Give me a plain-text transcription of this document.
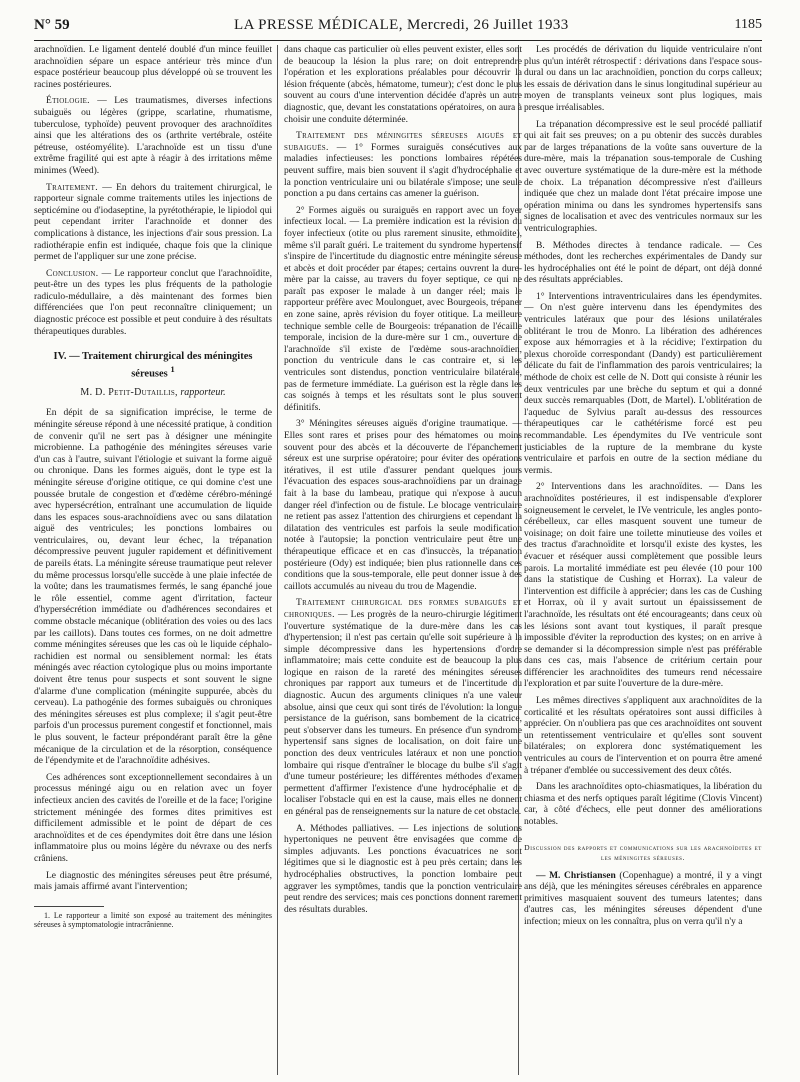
N° 59	LA PRESSE MÉDICALE, Mercredi, 26 Juillet 1933	1185

arachnoïdien. Le ligament dentelé doublé d'un mince feuillet arachnoïdien sépare un espace antérieur très mince d'un espace postérieur beaucoup plus développé où se trouvent les racines postérieures.

Étiologie. — Les traumatismes, diverses infections subaiguës ou légères (grippe, scarlatine, rhumatisme, tuberculose, typhoïde) peuvent provoquer des arachnoïdites ainsi que les altérations des os (arthrite vertébrale, ostéite pétreuse, ostéomyélite). L'arachnoïde est un tissu d'une extrême fragilité qui est apte à réagir à des irritations même minimes (Weed).

Traitement. — En dehors du traitement chirurgical, le rapporteur signale comme traitements utiles les injections de septicémine ou d'iodaseptine, la pyrétothérapie, le lipiodol qui peut cependant irriter l'arachnoïde et donner des complications à distance, les injections d'air sous pression. La radiothérapie enfin est indiquée, chaque fois que la clinique permet de l'appliquer sur une zone précise.

Conclusion. — Le rapporteur conclut que l'arachnoïdite, peut-être un des types les plus fréquents de la pathologie radiculo-médullaire, a dès maintenant des formes bien différenciées que l'on peut reconnaître cliniquement; un diagnostic précoce est possible et peut conduire à des résultats thérapeutiques durables.

IV. — Traitement chirurgical des méningites séreuses $^1$
M. D. Petit-Dutaillis, rapporteur.

En dépit de sa signification imprécise, le terme de méningite séreuse répond à une nécessité pratique, à condition de convenir qu'il ne sert pas à désigner une méningite microbienne. La pathogénie des méningites séreuses varie d'un cas à l'autre, suivant l'étiologie et suivant la forme aiguë ou chronique. Dans les formes aiguës, dont le type est la méningite séreuse d'origine otitique, ce qui domine c'est une poussée brutale de congestion et d'œdème cérébro-méningé avec hypersécrétion, entraînant une accumulation de liquide dans les espaces sous-arachnoïdiens avec ou sans dilatation aiguë des ventricules; les ponctions lombaires ou ventriculaires, ou, devant leur échec, la trépanation décompressive peuvent juguler rapidement et définitivement de pareils états. La méningite séreuse traumatique peut relever du même processus lorsqu'elle succède à une plaie infectée de la voûte; dans les traumatismes fermés, le sang épanché joue le rôle essentiel, comme agent d'irritation, facteur d'hypersécrétion immédiate ou d'adhérences secondaires et comme obstacle mécanique (oblitération des voies ou des lacs par les caillots). Dans toutes ces formes, on ne doit admettre comme méningites séreuses que les cas où le liquide céphalo-rachidien est normal ou sensiblement normal: les états méningés avec réaction cytologique plus ou moins importante doivent être tenus pour suspects et sont souvent le signe d'alarme d'une complication (méningite suppurée, abcès du cerveau). La pathogénie des formes subaiguës ou chroniques des méningites séreuses est plus complexe; il s'agit peut-être parfois d'un processus purement congestif et fonctionnel, mais le plus souvent, le facteur prépondérant paraît être la gêne mécanique de la circulation et de la résorption, conséquence de l'épendymite et de l'arachnoïdite adhésives.

Ces adhérences sont exceptionnellement secondaires à un processus méningé aigu ou en relation avec un foyer infectieux ancien des cavités de l'oreille et de la face; l'origine strictement méningée des formes dites primitives est difficilement admissible et le point de départ de ces arachnoïdites et de ces épendymites doit être dans une lésion inflammatoire plus ou moins légère du névraxe ou des nerfs crâniens.

Le diagnostic des méningites séreuses peut être présumé, mais jamais affirmé avant l'intervention;

1. Le rapporteur a limité son exposé au traitement des méningites séreuses à symptomatologie intracrânienne.

dans chaque cas particulier où elles peuvent exister, elles sont de beaucoup la lésion la plus rare; on doit entreprendre l'opération et les explorations préalables pour découvrir la lésion fréquente (abcès, hématome, tumeur); c'est donc le plus souvent au cours d'une intervention décidée d'après un autre diagnostic, que, devant les constatations opératoires, on aura à choisir une conduite déterminée.

Traitement des méningites séreuses aiguës et subaiguës. — 1° Formes suraiguës consécutives aux maladies infectieuses: les ponctions lombaires répétées peuvent suffire, mais bien souvent il s'agit d'hydrocéphalie et la ponction ventriculaire uni ou bilatérale s'impose; une seule ponction a pu dans certains cas amener la guérison.

2° Formes aiguës ou suraiguës en rapport avec un foyer infectieux local. — La première indication est la révision du foyer infectieux (otite ou plus rarement sinusite, ethmoïdite), même s'il paraît guéri. Le traitement du syndrome hypertensif s'inspire de l'incertitude du diagnostic entre méningite séreuse et abcès et doit procéder par étapes; certains ouvrent la dure-mère par la caisse, au travers du foyer septique, ce qui ne paraît pas exposer le malade à un danger réel; mais le rapporteur préfère avec Moulonguet, avec Bourgeois, trépaner en zone saine, après révision du foyer otitique. La meilleure technique semble celle de Bourgeois: trépanation de l'écaille temporale, incision de la dure-mère sur 1 cm., ouverture de l'arachnoïde s'il existe de l'œdème sous-arachnoïdien, ponction du ventricule dans le cas contraire et, si les ventricules sont distendus, ponction ventriculaire bilatérale, pas de fermeture immédiate. La guérison est la règle dans les cas soignés à temps et les résultats sont le plus souvent définitifs.

3° Méningites séreuses aiguës d'origine traumatique. — Elles sont rares et prises pour des hématomes ou moins souvent pour des abcès et la découverte de l'épanchement séreux est une surprise opératoire; pour éviter des opérations itératives, il est utile d'assurer pendant quelques jours l'évacuation des espaces sous-arachnoïdiens par un drainage fait à la base du lambeau, pratique qui n'expose à aucun danger réel d'infection ou de fistule. Le blocage ventriculaire ne retient pas assez l'attention des chirurgiens et cependant la dilatation des ventricules est parfois la seule modification notée à l'autopsie; la ponction ventriculaire peut être une thérapeutique efficace et en cas d'insuccès, la trépanation postérieure (Ody) est indiquée; bien plus rationnelle dans ces conditions que la sous-temporale, elle peut donner issue à des caillots accumulés au niveau du trou de Magendie.

Traitement chirurgical des formes subaiguës et chroniques. — Les progrès de la neuro-chirurgie légitiment l'ouverture systématique de la dure-mère dans les cas d'hypertension; il n'est pas certain qu'elle soit supérieure à la simple décompressive dans les hypertensions d'ordre inflammatoire; mais cette conduite est de beaucoup la plus logique en raison de la rareté des méningites séreuses chroniques par rapport aux tumeurs et de l'incertitude du diagnostic. Aucun des arguments cliniques n'a une valeur absolue, ainsi que ceux qui sont tirés de l'évolution: la longue persistance de la guérison, sans bombement de la cicatrice, peut s'observer dans les tumeurs. En présence d'un syndrome hypertensif sans signes de localisation, on doit faire une ponction des deux ventricules latéraux et non une ponction lombaire qui risque d'entraîner le blocage du bulbe s'il s'agit d'une tumeur postérieure; les différentes méthodes d'examen permettent d'affirmer l'existence d'une hydrocéphalie et de localiser l'obstacle qui en est la cause, mais elles ne donnent en général pas de renseignements sur la nature de cet obstacle.

A. Méthodes palliatives. — Les injections de solutions hypertoniques ne peuvent être envisagées que comme de simples adjuvants. Les ponctions évacuatrices ne sont légitimes que si le diagnostic est à peu près certain; dans les hydrocéphalies obstructives, la ponction lombaire peut aggraver les symptômes, tandis que la ponction ventriculaire peut rendre des services; mais ces ponctions donnent rarement des résultats durables.

Les procédés de dérivation du liquide ventriculaire n'ont plus qu'un intérêt rétrospectif : dérivations dans l'espace sous-dural ou dans un lac arachnoïdien, ponction du corps calleux; les essais de dérivation dans le sinus longitudinal supérieur au moyen de transplants veineux sont plus logiques, mais presque irréalisables.

La trépanation décompressive est le seul procédé palliatif qui ait fait ses preuves; on a pu obtenir des succès durables par de larges trépanations de la voûte sans ouverture de la dure-mère, mais la trépanation sous-temporale de Cushing avec ouverture systématique de la dure-mère est la méthode de choix. La trépanation décompressive n'est d'ailleurs indiquée que chez un malade dont l'état précaire impose une opération minima ou dans les syndromes hypertensifs sans signes de localisation et avec des ventricules normaux sur les ventriculographies.

B. Méthodes directes à tendance radicale. — Ces méthodes, dont les recherches expérimentales de Dandy sur les hydrocéphalies ont été le point de départ, ont déjà donné des résultats appréciables.

1° Interventions intraventriculaires dans les épendymites. — On n'est guère intervenu dans les épendymites des ventricules latéraux que pour des lésions unilatérales oblitérant le trou de Monro. La libération des adhérences expose aux hémorragies et à la récidive; l'extirpation du plexus choroïde correspondant (Dandy) est particulièrement délicate du fait de l'inflammation des parois ventriculaires; la méthode de choix est celle de N. Dott qui consiste à réunir les deux ventricules par une brèche du septum et qui a donné deux succès remarquables (Dott, de Martel). L'oblitération de l'aqueduc de Sylvius paraît au-dessus des ressources thérapeutiques car le cathétérisme forcé est peu recommandable. Les épendymites du IVe ventricule sont justiciables de la rupture de la membrane du kyste ventriculaire et parfois en outre de la section médiane du vermis.

2° Interventions dans les arachnoïdites. — Dans les arachnoïdites postérieures, il est indispensable d'explorer soigneusement le cervelet, le IVe ventricule, les angles ponto-cérébelleux, car elles masquent souvent une tumeur de voisinage; on doit faire une toilette minutieuse des voiles et des tractus d'arachnoïdite et lorsqu'il existe des kystes, les évacuer et réséquer aussi complètement que possible leurs parois. La mortalité immédiate est peu élevée (10 pour 100 dans la statistique de Cushing et Horrax). La valeur de l'intervention est difficile à apprécier; dans les cas de Cushing et Horrax, où il y avait surtout un épaississement de l'arachnoïde, les résultats ont été encourageants; dans ceux où les lésions sont avant tout kystiques, il paraît presque impossible d'éviter la reproduction des kystes; on en arrive à se demander si la décompression simple n'est pas préférable dans ces cas, mais l'absence de critérium certain pour différencier les arachnoïdites des tumeurs rend nécessaire l'exploration et par suite l'ouverture de la dure-mère.

Les mêmes directives s'appliquent aux arachnoïdites de la corticalité et les résultats opératoires sont aussi difficiles à apprécier. On n'oubliera pas que ces arachnoïdites ont souvent un retentissement ventriculaire et qu'elles sont souvent bilatérales; on explorera donc systématiquement les ventricules au cours de l'intervention et on pourra être amené à trépaner d'emblée ou successivement des deux côtés.

Dans les arachnoïdites opto-chiasmatiques, la libération du chiasma et des nerfs optiques paraît légitime (Clovis Vincent) car, à côté d'échecs, elle peut donner des améliorations notables.

Discussion des rapports et communications sur les arachnoïdites et les méningites séreuses.

— M. Christiansen (Copenhague) a montré, il y a vingt ans déjà, que les méningites séreuses cérébrales en apparence primitives masquaient souvent des tumeurs latentes; dans d'autres cas, les méningites séreuses dépendent d'une infection; mieux on les connaîtra, plus on verra qu'il n'y a
